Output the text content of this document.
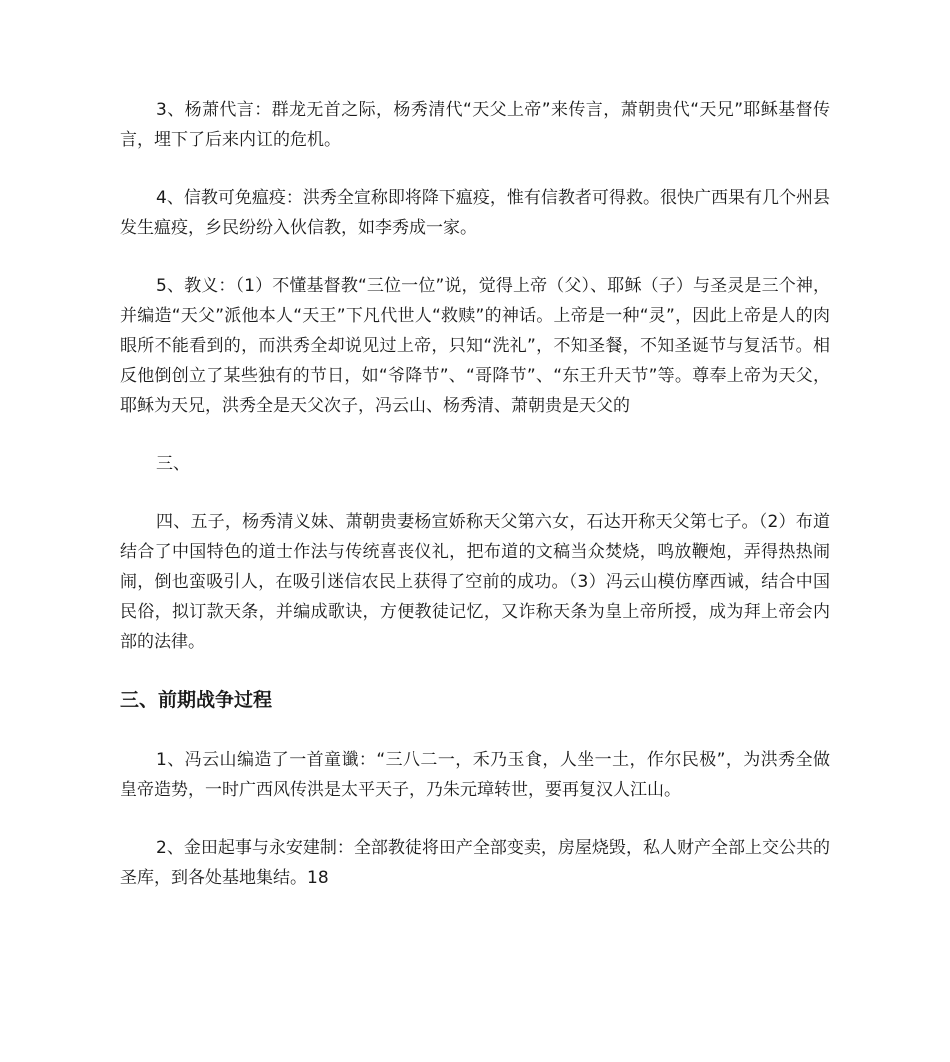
3、杨萧代言：群龙无首之际，杨秀清代“天父上帝”来传言，萧朝贵代“天兄”耶稣基督传言，埋下了后来内讧的危机。

4、信教可免瘟疫：洪秀全宣称即将降下瘟疫，惟有信教者可得救。很快广西果有几个州县发生瘟疫，乡民纷纷入伙信教，如李秀成一家。

5、教义：（1）不懂基督教“三位一位”说，觉得上帝（父）、耶稣（子）与圣灵是三个神，并编造“天父”派他本人“天王”下凡代世人“救赎”的神话。上帝是一种“灵”，因此上帝是人的肉眼所不能看到的，而洪秀全却说见过上帝，只知“洗礼”，不知圣餐，不知圣诞节与复活节。相反他倒创立了某些独有的节日，如“爷降节”、“哥降节”、“东王升天节”等。尊奉上帝为天父，耶稣为天兄，洪秀全是天父次子，冯云山、杨秀清、萧朝贵是天父的

三、

四、五子，杨秀清义妹、萧朝贵妻杨宣娇称天父第六女，石达开称天父第七子。（2）布道结合了中国特色的道士作法与传统喜丧仪礼，把布道的文稿当众焚烧，鸣放鞭炮，弄得热热闹闹，倒也蛮吸引人，在吸引迷信农民上获得了空前的成功。（3）冯云山模仿摩西诫，结合中国民俗，拟订款天条，并编成歌诀，方便教徒记忆，又诈称天条为皇上帝所授，成为拜上帝会内部的法律。

三、前期战争过程

1、冯云山编造了一首童谶：“三八二一，禾乃玉食，人坐一土，作尔民极”，为洪秀全做皇帝造势，一时广西风传洪是太平天子，乃朱元璋转世，要再复汉人江山。

2、金田起事与永安建制：全部教徒将田产全部变卖，房屋烧毁，私人财产全部上交公共的圣库，到各处基地集结。18
